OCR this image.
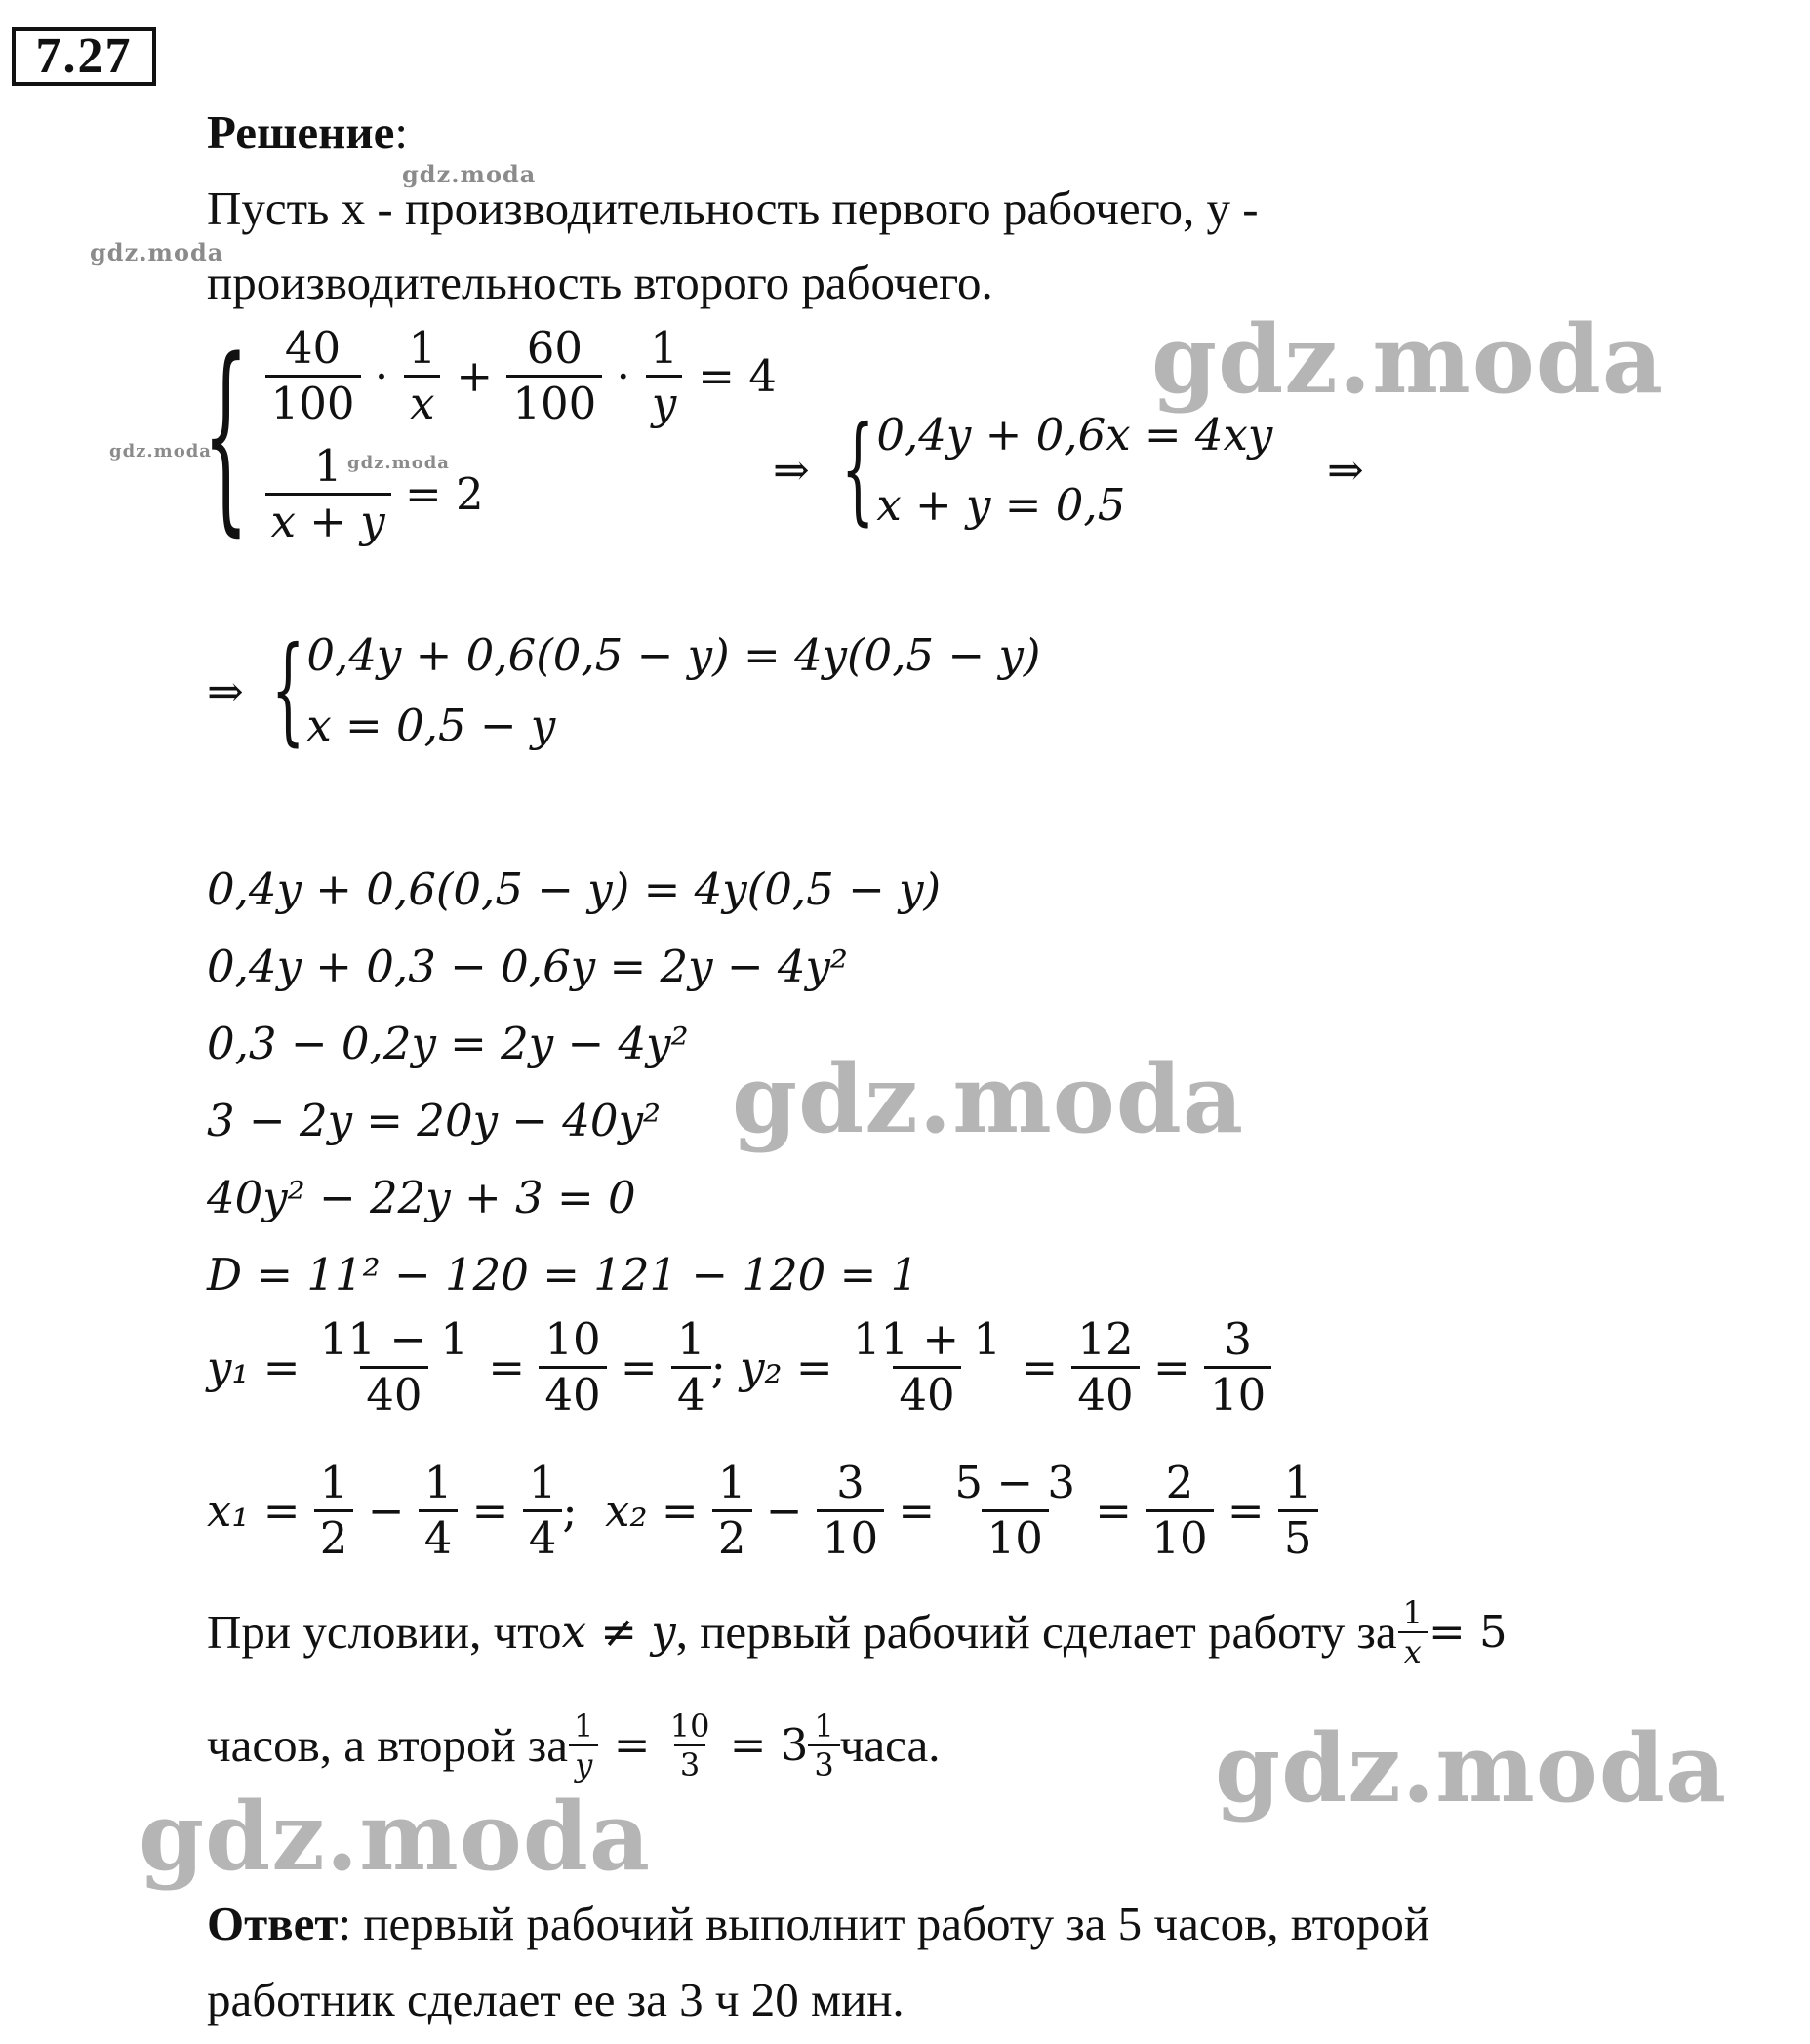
7.27
Решение:
Пусть x - производительность первого рабочего, y -
производительность второго рабочего.
{ $\frac{40}{100} \cdot \frac{1}{x} + \frac{60}{100} \cdot \frac{1}{y}$
= 4
$\frac{1}{x + y}$
= 2	⇒ { 0,4y + 0,6x = 4xy
x + y = 0,5
⇒
⇒ { 0,4y + 0,6(0,5 − y) = 4y(0,5 − y)
x = 0,5 − y
0,4y + 0,6(0,5 − y) = 4y(0,5 − y)
0,4y + 0,3 − 0,6y = 2y − 4y²
0,3 − 0,2y = 2y − 4y²
3 − 2y = 20y − 40y²
40y² − 22y + 3 = 0
D = 11² − 120 = 121 − 120 = 1
$y_1 = \frac{11 - 1}{40} = \frac{10}{40} = \frac{1}{4}$ ;
$y_2 = \frac{11 + 1}{40} = \frac{12}{40} = \frac{3}{10}$
$x_1 = \frac{1}{2} - \frac{1}{4} = \frac{1}{4}$ ;
$x_2 = \frac{1}{2} - \frac{3}{10} = \frac{5 - 3}{10} = \frac{2}{10} = \frac{1}{5}$
При условии, что x ≠ y , первый рабочий сделает работу за $\frac{1}{x} = 5$
часов, а второй за $\frac{1}{y} = \frac{10}{3} = 3 \frac{1}{3}$ часа.
Ответ: первый рабочий выполнит работу за 5 часов, второй
работник сделает ее за 3 ч 20 мин.
gdz.moda
gdz.moda
gdz.moda
gdz.moda
gdz.moda
gdz.moda
gdz.moda
gdz.moda
